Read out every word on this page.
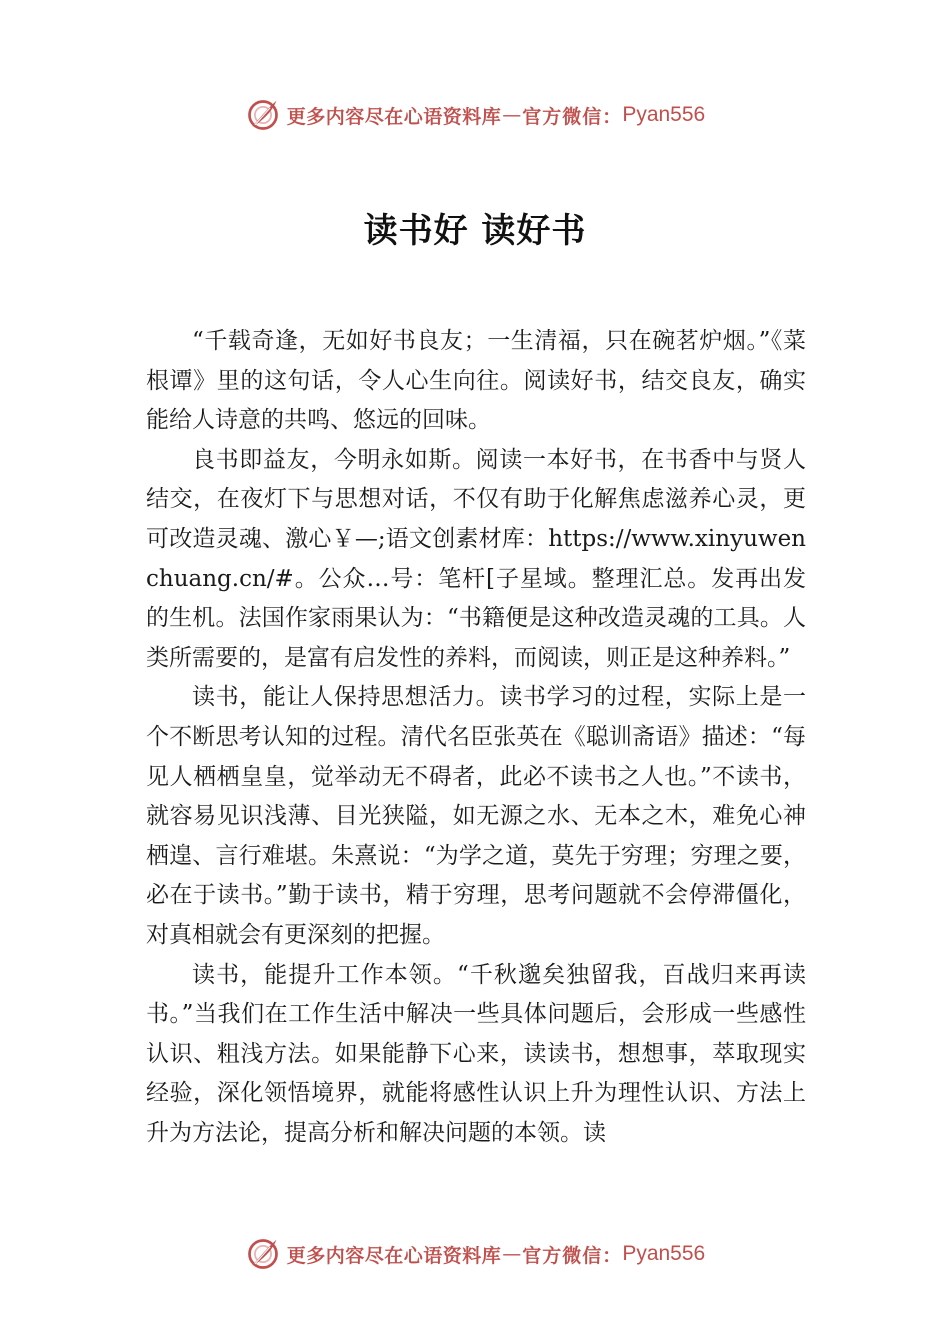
更多内容尽在心语资料库 — 官方微信： Pyan556
读书好 读好书

“千载奇逢，无如好书良友；一生清福，只在碗茗炉烟。”《菜根谭》里的这句话，令人心生向往。阅读好书，结交良友，确实能给人诗意的共鸣、悠远的回味。

良书即益友，今明永如斯。阅读一本好书，在书香中与贤人结交，在夜灯下与思想对话，不仅有助于化解焦虑滋养心灵，更可改造灵魂、激心￥—;语文创素材库：https://www.xinyuwenchuang.cn/#。公众…号：笔杆[子星域。整理汇总。发再出发的生机。法国作家雨果认为：“书籍便是这种改造灵魂的工具。人类所需要的，是富有启发性的养料，而阅读，则正是这种养料。”

读书，能让人保持思想活力。读书学习的过程，实际上是一个不断思考认知的过程。清代名臣张英在《聪训斋语》描述：“每见人栖栖皇皇，觉举动无不碍者，此必不读书之人也。”不读书，就容易见识浅薄、目光狭隘，如无源之水、无本之木，难免心神栖遑、言行难堪。朱熹说：“为学之道，莫先于穷理；穷理之要，必在于读书。”勤于读书，精于穷理，思考问题就不会停滞僵化，对真相就会有更深刻的把握。

读书，能提升工作本领。“千秋邈矣独留我，百战归来再读书。”当我们在工作生活中解决一些具体问题后，会形成一些感性认识、粗浅方法。如果能静下心来，读读书，想想事，萃取现实经验，深化领悟境界，就能将感性认识上升为理性认识、方法上升为方法论，提高分析和解决问题的本领。读

更多内容尽在心语资料库 — 官方微信： Pyan556
